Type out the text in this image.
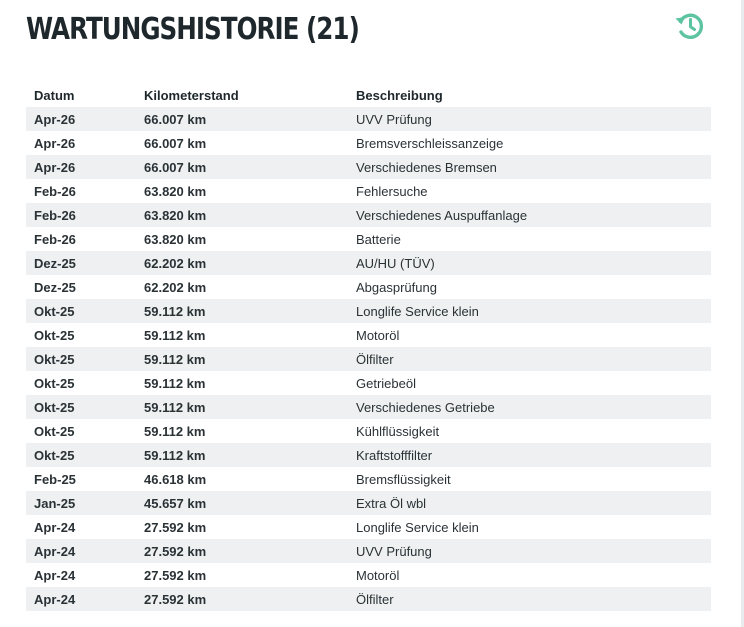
WARTUNGSHISTORIE (21)
Datum	Kilometerstand	Beschreibung
Apr-26	66.007 km	UVV Prüfung
Apr-26	66.007 km	Bremsverschleissanzeige
Apr-26	66.007 km	Verschiedenes Bremsen
Feb-26	63.820 km	Fehlersuche
Feb-26	63.820 km	Verschiedenes Auspuffanlage
Feb-26	63.820 km	Batterie
Dez-25	62.202 km	AU/HU (TÜV)
Dez-25	62.202 km	Abgasprüfung
Okt-25	59.112 km	Longlife Service klein
Okt-25	59.112 km	Motoröl
Okt-25	59.112 km	Ölfilter
Okt-25	59.112 km	Getriebeöl
Okt-25	59.112 km	Verschiedenes Getriebe
Okt-25	59.112 km	Kühlflüssigkeit
Okt-25	59.112 km	Kraftstofffilter
Feb-25	46.618 km	Bremsflüssigkeit
Jan-25	45.657 km	Extra Öl wbl
Apr-24	27.592 km	Longlife Service klein
Apr-24	27.592 km	UVV Prüfung
Apr-24	27.592 km	Motoröl
Apr-24	27.592 km	Ölfilter
